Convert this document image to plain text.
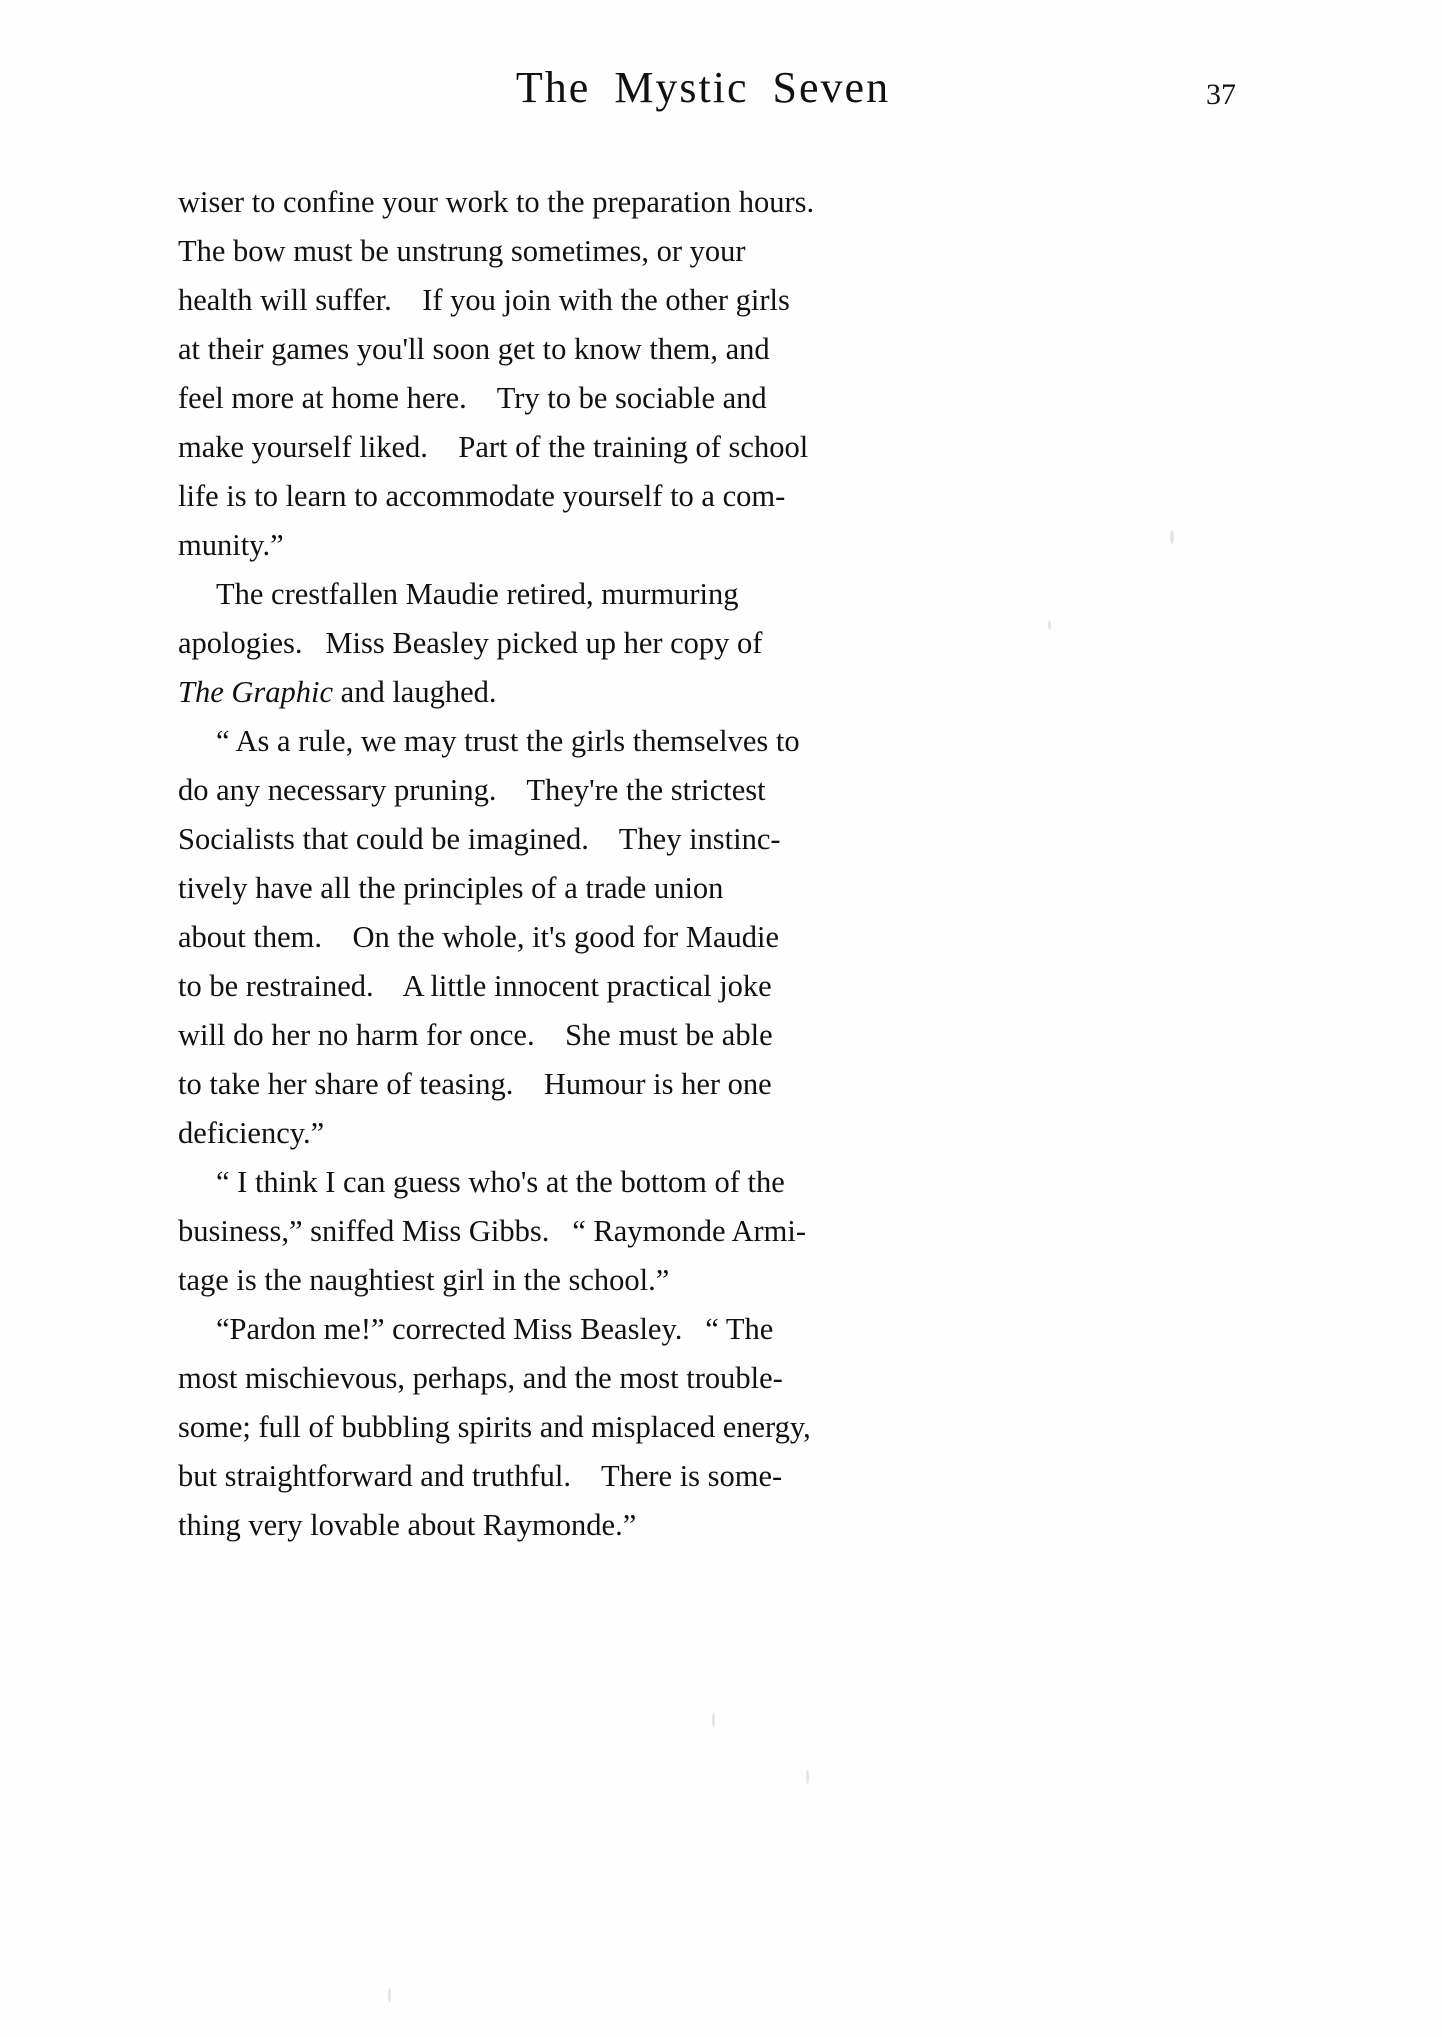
The Mystic Seven	37

wiser to confine your work to the preparation hours.
The bow must be unstrung sometimes, or your
health will suffer.    If you join with the other girls
at their games you'll soon get to know them, and
feel more at home here.    Try to be sociable and
make yourself liked.    Part of the training of school
life is to learn to accommodate yourself to a com-
munity.”

The crestfallen Maudie retired, murmuring
apologies.   Miss Beasley picked up her copy of
The Graphic and laughed.

“ As a rule, we may trust the girls themselves to
do any necessary pruning.    They're the strictest
Socialists that could be imagined.    They instinc-
tively have all the principles of a trade union
about them.    On the whole, it's good for Maudie
to be restrained.    A little innocent practical joke
will do her no harm for once.    She must be able
to take her share of teasing.    Humour is her one
deficiency.”

“ I think I can guess who's at the bottom of the
business,” sniffed Miss Gibbs.   “ Raymonde Armi-
tage is the naughtiest girl in the school.”

“Pardon me!” corrected Miss Beasley.   “ The
most mischievous, perhaps, and the most trouble-
some; full of bubbling spirits and misplaced energy,
but straightforward and truthful.    There is some-
thing very lovable about Raymonde.”
